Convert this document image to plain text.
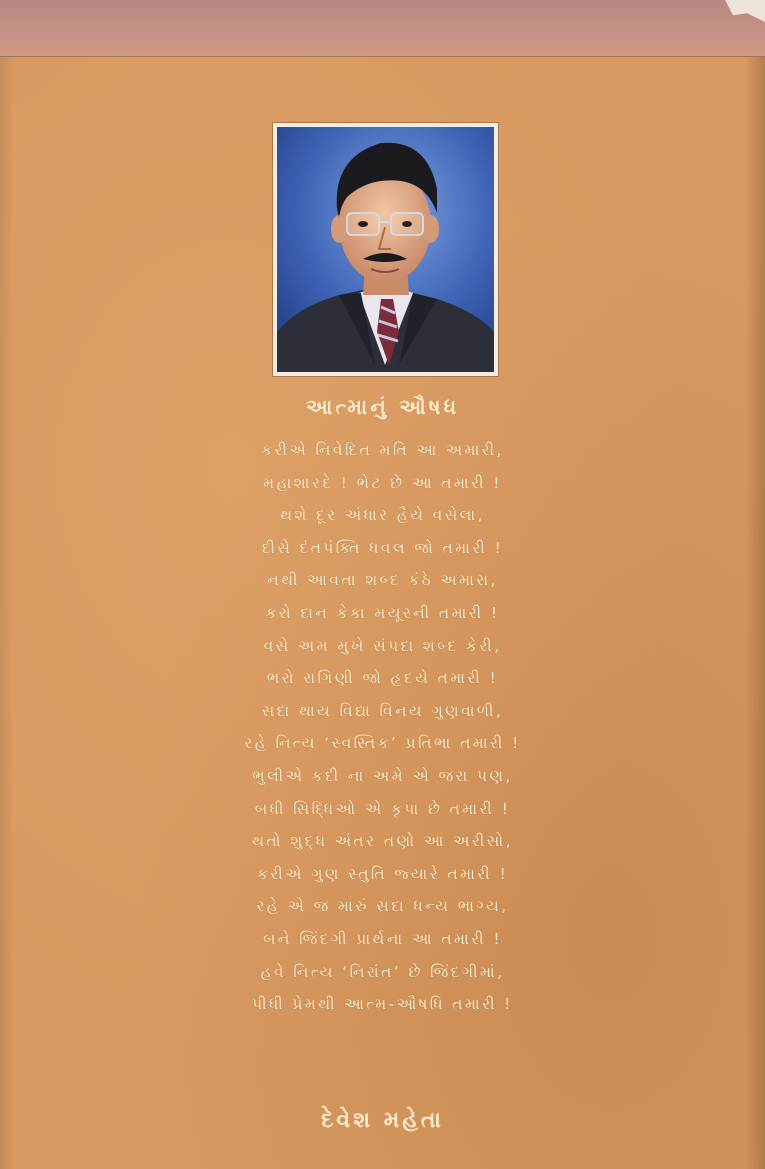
આત્માનું ઔષધ
કરીએ નિવેદિત મતિ આ અમારી,
મહાશારદે ! ભેટ છે આ તમારી !
થશે દૂર અંધાર હૈયે વસેલા,
દીસે દંતપંક્તિ ધવલ જો તમારી !
નથી આવતા શબ્દ કંઠે અમારા,
કરો દાન કેકા મયૂરની તમારી !
વસે અમ મુખે સંપદા શબ્દ કેરી,
ભરો રાગિણી જો હૃદયે તમારી !
સદા થાય વિદ્યા વિનય ગુણવાળી,
રહે નિત્ય ‘સ્વસ્તિક’ પ્રતિભા તમારી !
ભુલીએ કદી ના અમે એ જરા પણ,
બધી સિદ્ધિઓ એ કૃપા છે તમારી !
થતો શુદ્ધ અંતર તણો આ અરીસો,
કરીએ ગુણ સ્તુતિ જ્યારે તમારી !
રહે એ જ મારું સદા ધન્ય ભાગ્ય,
બને જિંદગી પ્રાર્થના આ તમારી !
હવે નિત્ય ‘નિરાંત’ છે જિંદગીમાં,
પીધી પ્રેમથી આત્મ-ઔષધિ તમારી !
દેવેશ મહેતા
